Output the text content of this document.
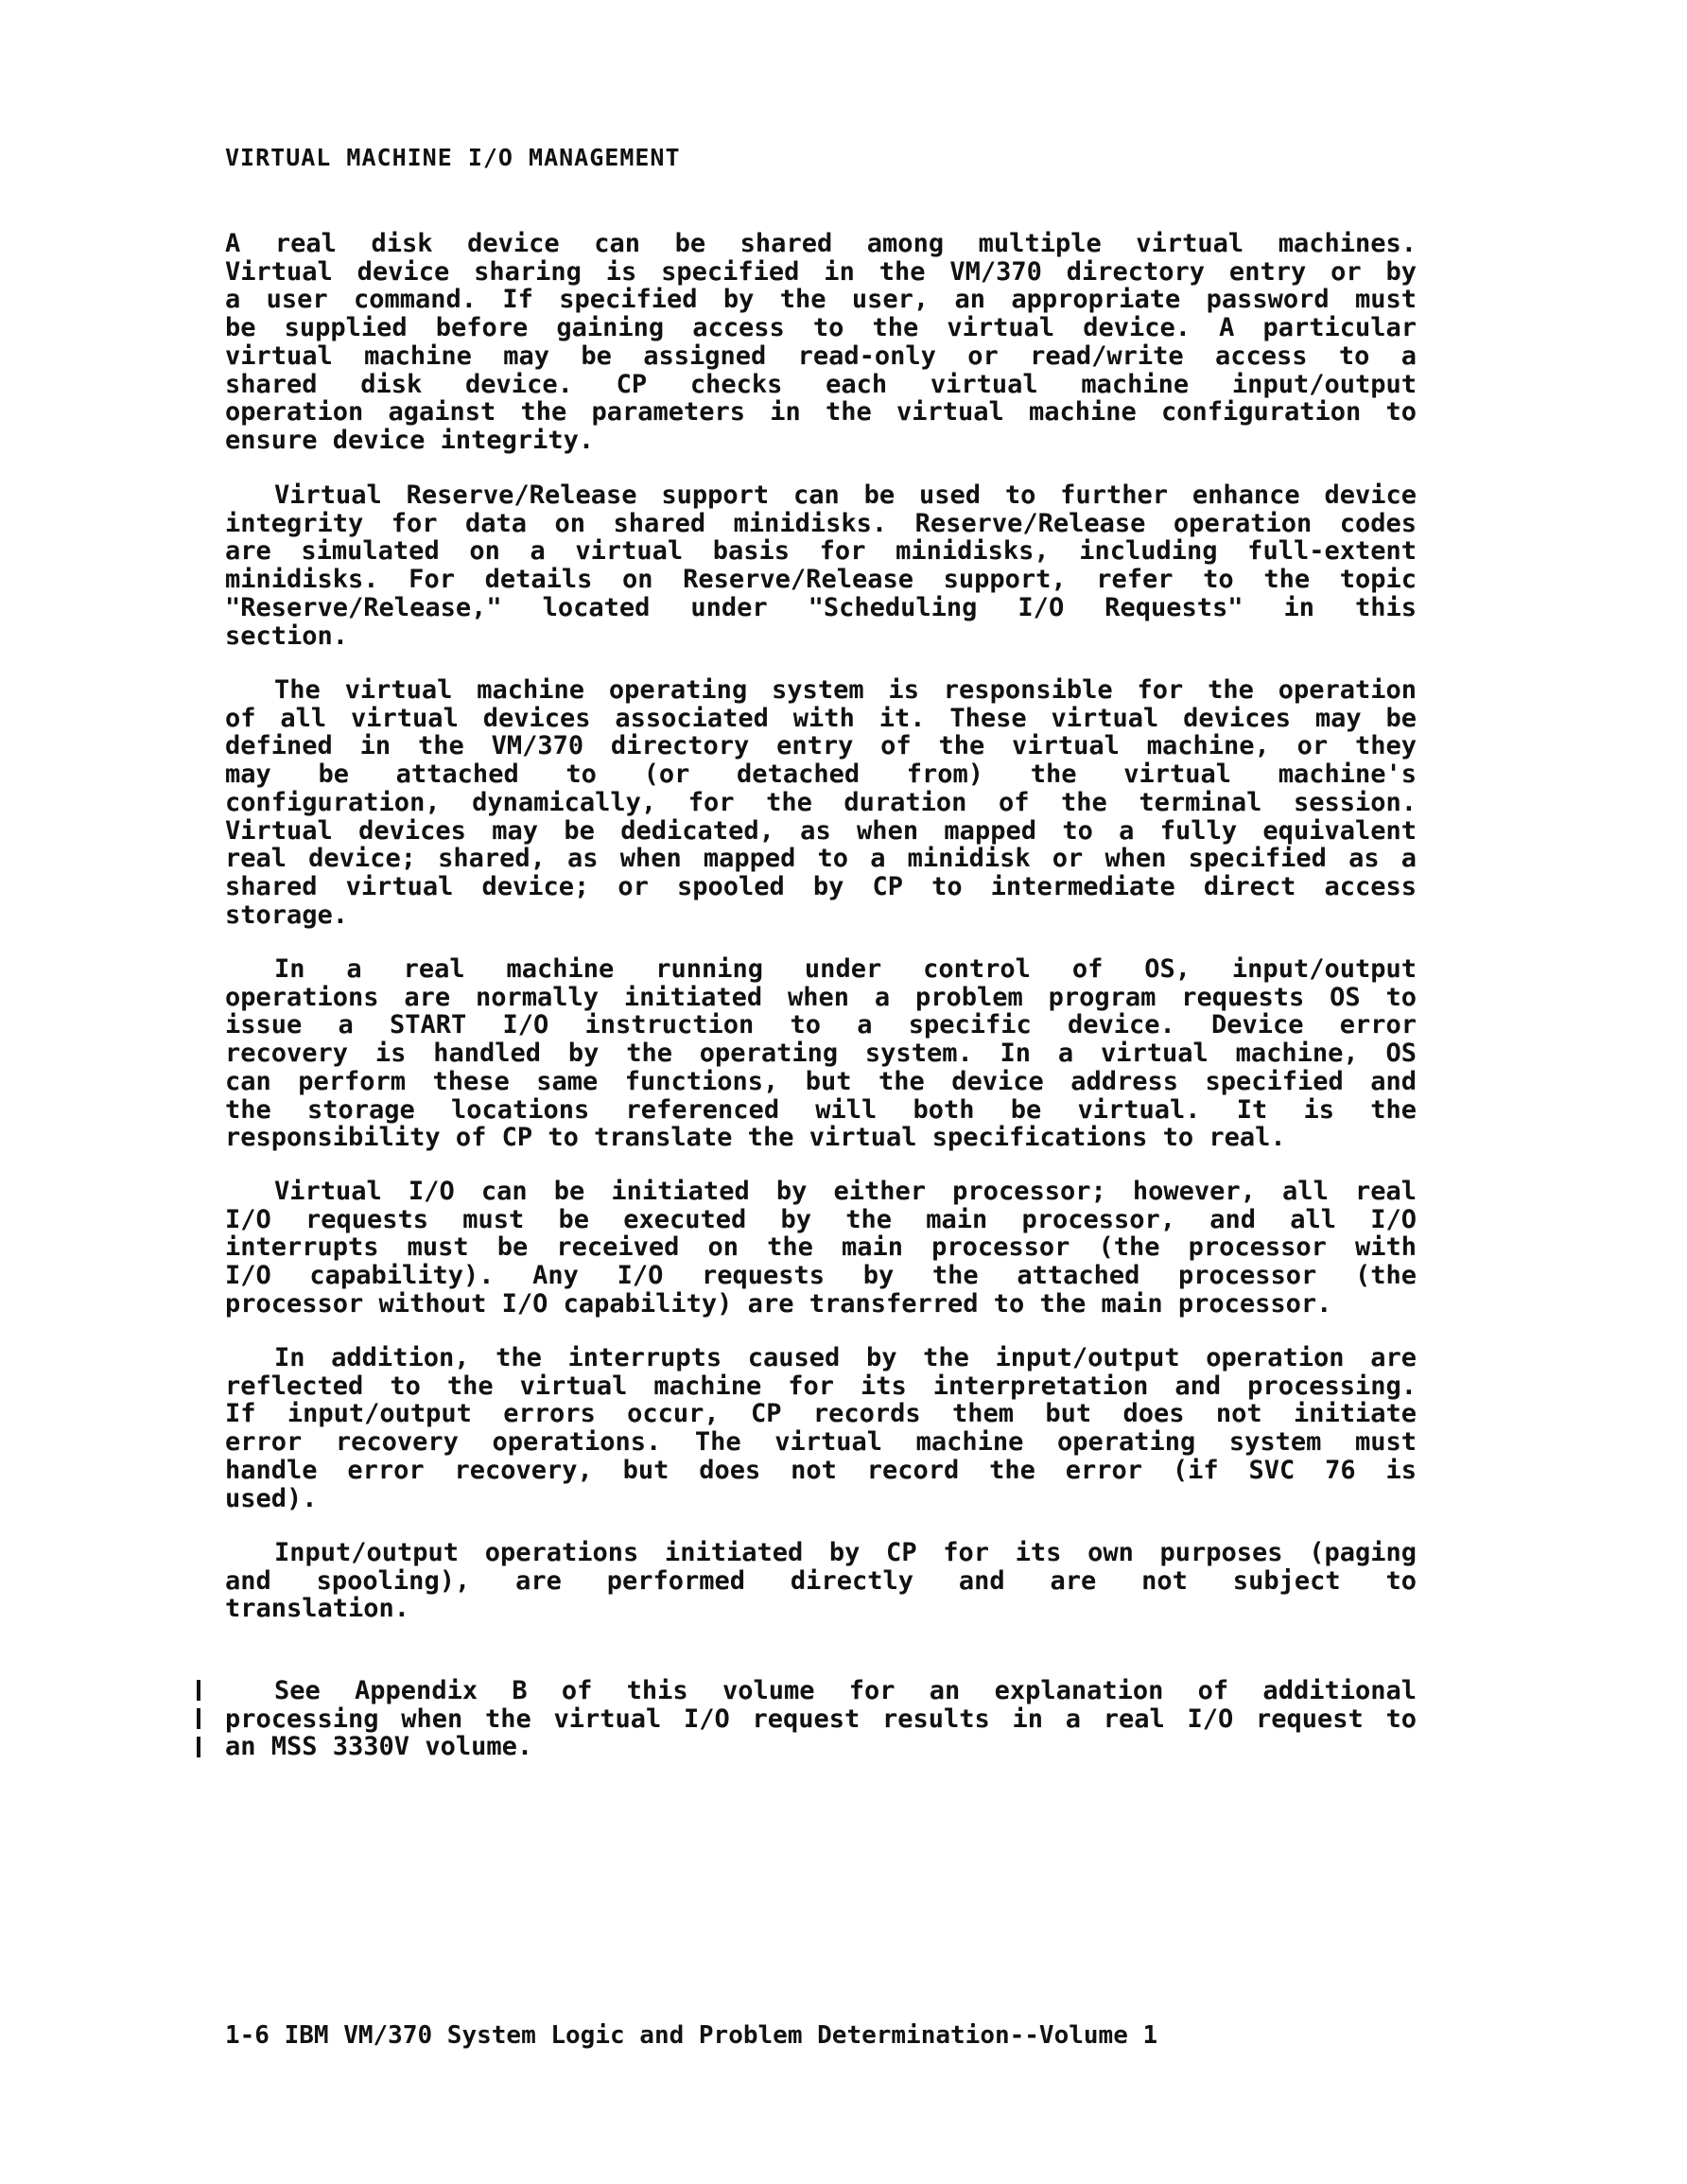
VIRTUAL MACHINE I/O MANAGEMENT
A real disk device can be shared among multiple virtual machines.
Virtual device sharing is specified in the VM/370 directory entry or by
a user command. If specified by the user, an appropriate password must
be supplied before gaining access to the virtual device. A particular
virtual machine may be assigned read-only or read/write access to a
shared disk device. CP checks each virtual machine input/output
operation against the parameters in the virtual machine configuration to
ensure device integrity.
Virtual Reserve/Release support can be used to further enhance device
integrity for data on shared minidisks. Reserve/Release operation codes
are simulated on a virtual basis for minidisks, including full-extent
minidisks. For details on Reserve/Release support, refer to the topic
"Reserve/Release," located under "Scheduling I/O Requests" in this
section.
The virtual machine operating system is responsible for the operation
of all virtual devices associated with it. These virtual devices may be
defined in the VM/370 directory entry of the virtual machine, or they
may be attached to (or detached from) the virtual machine's
configuration, dynamically, for the duration of the terminal session.
Virtual devices may be dedicated, as when mapped to a fully equivalent
real device; shared, as when mapped to a minidisk or when specified as a
shared virtual device; or spooled by CP to intermediate direct access
storage.
In a real machine running under control of OS, input/output
operations are normally initiated when a problem program requests OS to
issue a START I/O instruction to a specific device. Device error
recovery is handled by the operating system. In a virtual machine, OS
can perform these same functions, but the device address specified and
the storage locations referenced will both be virtual. It is the
responsibility of CP to translate the virtual specifications to real.
Virtual I/O can be initiated by either processor; however, all real
I/O requests must be executed by the main processor, and all I/O
interrupts must be received on the main processor (the processor with
I/O capability). Any I/O requests by the attached processor (the
processor without I/O capability) are transferred to the main processor.
In addition, the interrupts caused by the input/output operation are
reflected to the virtual machine for its interpretation and processing.
If input/output errors occur, CP records them but does not initiate
error recovery operations. The virtual machine operating system must
handle error recovery, but does not record the error (if SVC 76 is
used).
Input/output operations initiated by CP for its own purposes (paging
and spooling), are performed directly and are not subject to
translation.
See Appendix B of this volume for an explanation of additional
processing when the virtual I/O request results in a real I/O request to
an MSS 3330V volume.
1-6 IBM VM/370 System Logic and Problem Determination--Volume 1
